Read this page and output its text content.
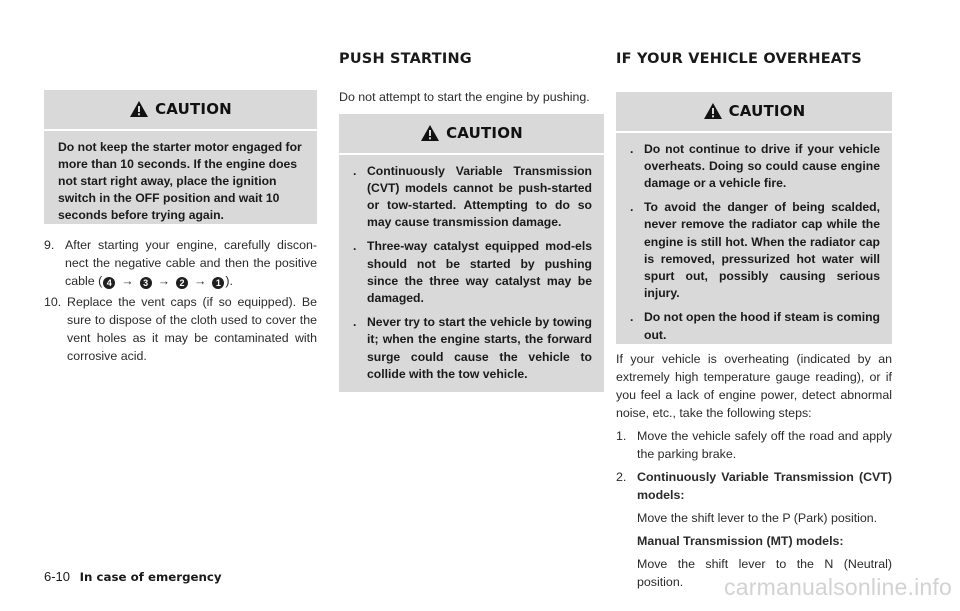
CAUTION

Do not keep the starter motor engaged for more than 10 seconds. If the engine does not start right away, place the ignition switch in the OFF position and wait 10 seconds before trying again.

9. After starting your engine, carefully discon-nect the negative cable and then the positive cable ( 4 → 3 → 2 → 1 ).
10. Replace the vent caps (if so equipped). Be sure to dispose of the cloth used to cover the vent holes as it may be contaminated with corrosive acid.
PUSH STARTING
Do not attempt to start the engine by pushing.
CAUTION
. Continuously Variable Transmission (CVT) models cannot be push-started or tow-started. Attempting to do so may cause transmission damage.
. Three-way catalyst equipped mod-els should not be started by pushing since the three way catalyst may be damaged.
. Never try to start the vehicle by towing it; when the engine starts, the forward surge could cause the vehicle to collide with the tow vehicle.
IF YOUR VEHICLE OVERHEATS
CAUTION
. Do not continue to drive if your vehicle overheats. Doing so could cause engine damage or a vehicle fire.
. To avoid the danger of being scalded, never remove the radiator cap while the engine is still hot. When the radiator cap is removed, pressurized hot water will spurt out, possibly causing serious injury.
. Do not open the hood if steam is coming out.
If your vehicle is overheating (indicated by an extremely high temperature gauge reading), or if you feel a lack of engine power, detect abnormal noise, etc., take the following steps:
1. Move the vehicle safely off the road and apply the parking brake.
2. Continuously Variable Transmission (CVT) models:
Move the shift lever to the P (Park) position.
Manual Transmission (MT) models:
Move the shift lever to the N (Neutral) position.
6-10 In case of emergency	carmanualsonline.info
